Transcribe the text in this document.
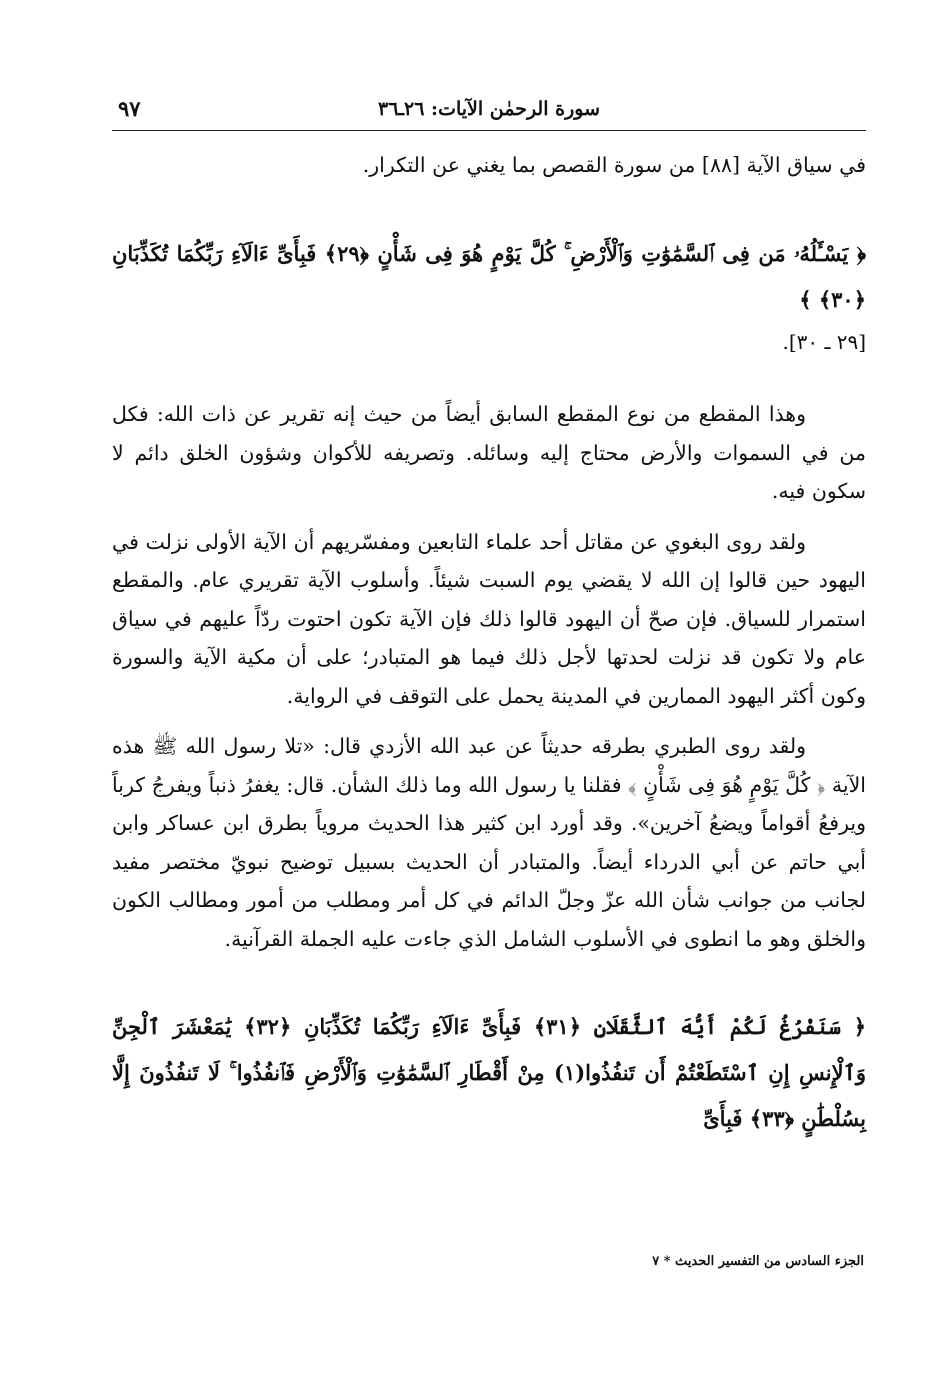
سورة الرحمٰن الآيات: ٢٦ـ٣٦
٩٧

في سياق الآية [٨٨] من سورة القصص بما يغني عن التكرار.

﴿ يَسْـَٔلُهُۥ مَن فِى ٱلسَّمَٰوَٰتِ وَٱلْأَرْضِ ۚ كُلَّ يَوْمٍ هُوَ فِى شَأْنٍ ﴿٢٩﴾ فَبِأَىِّ ءَالَآءِ رَبِّكُمَا تُكَذِّبَانِ ﴿٣٠﴾ ﴾

[٢٩ ـ ٣٠].

وهذا المقطع من نوع المقطع السابق أيضاً من حيث إنه تقرير عن ذات الله: فكل من في السموات والأرض محتاج إليه وسائله. وتصريفه للأكوان وشؤون الخلق دائم لا سكون فيه.

ولقد روى البغوي عن مقاتل أحد علماء التابعين ومفسّريهم أن الآية الأولى نزلت في اليهود حين قالوا إن الله لا يقضي يوم السبت شيئاً. وأسلوب الآية تقريري عام. والمقطع استمرار للسياق. فإن صحّ أن اليهود قالوا ذلك فإن الآية تكون احتوت ردّاً عليهم في سياق عام ولا تكون قد نزلت لحدتها لأجل ذلك فيما هو المتبادر؛ على أن مكية الآية والسورة وكون أكثر اليهود الممارين في المدينة يحمل على التوقف في الرواية.

ولقد روى الطبري بطرقه حديثاً عن عبد الله الأزدي قال: «تلا رسول الله ﷺ هذه الآية ﴿ كُلَّ يَوْمٍ هُوَ فِى شَأْنٍ ﴾ فقلنا يا رسول الله وما ذلك الشأن. قال: يغفرُ ذنباً ويفرجُ كرباً ويرفعُ أقواماً ويضعُ آخرين». وقد أورد ابن كثير هذا الحديث مروياً بطرق ابن عساكر وابن أبي حاتم عن أبي الدرداء أيضاً. والمتبادر أن الحديث بسبيل توضيح نبويّ مختصر مفيد لجانب من جوانب شأن الله عزّ وجلّ الدائم في كل أمر ومطلب من أمور ومطالب الكون والخلق وهو ما انطوى في الأسلوب الشامل الذي جاءت عليه الجملة القرآنية.

﴿ سَنَفْرُغُ لَكُمْ أَيُّهَ ٱلثَّقَلَانِ ﴿٣١﴾ فَبِأَىِّ ءَالَآءِ رَبِّكُمَا تُكَذِّبَانِ ﴿٣٢﴾ يَٰمَعْشَرَ ٱلْجِنِّ وَٱلْإِنسِ إِنِ ٱسْتَطَعْتُمْ أَن تَنفُذُوا(١) مِنْ أَقْطَارِ ٱلسَّمَٰوَٰتِ وَٱلْأَرْضِ فَٱنفُذُوا ۚ لَا تَنفُذُونَ إِلَّا بِسُلْطَٰنٍ ﴿٣٣﴾ فَبِأَىِّ

الجزء السادس من التفسير الحديث * ٧
